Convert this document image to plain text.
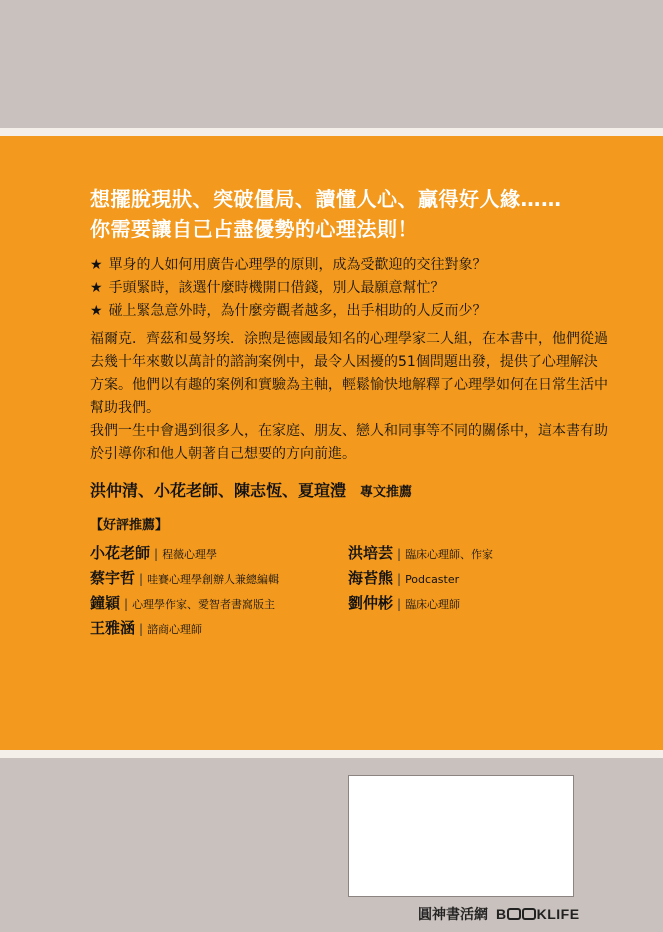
想擺脫現狀、突破僵局、讀懂人心、贏得好人緣……
你需要讓自己占盡優勢的心理法則！
★ 單身的人如何用廣告心理學的原則，成為受歡迎的交往對象？
★ 手頭緊時，該選什麼時機開口借錢，別人最願意幫忙？
★ 碰上緊急意外時，為什麼旁觀者越多，出手相助的人反而少？

福爾克．齊茲和曼努埃．涂煦是德國最知名的心理學家二人組，在本書中，他們從過去幾十年來數以萬計的諮詢案例中，最令人困擾的51個問題出發，提供了心理解決方案。他們以有趣的案例和實驗為主軸，輕鬆愉快地解釋了心理學如何在日常生活中幫助我們。

我們一生中會遇到很多人，在家庭、朋友、戀人和同事等不同的關係中，這本書有助於引導你和他人朝著自己想要的方向前進。

洪仲清、小花老師、陳志恆、夏瑄澧 專文推薦
【好評推薦】
小花老師 | 程薇心理學	洪培芸 | 臨床心理師、作家
蔡宇哲 | 哇賽心理學創辦人兼總編輯	海苔熊 | Podcaster
鐘穎 | 心理學作家、愛智者書窩版主	劉仲彬 | 臨床心理師
王雅涵 | 諮商心理師
圓神書活網 B KLIFE
